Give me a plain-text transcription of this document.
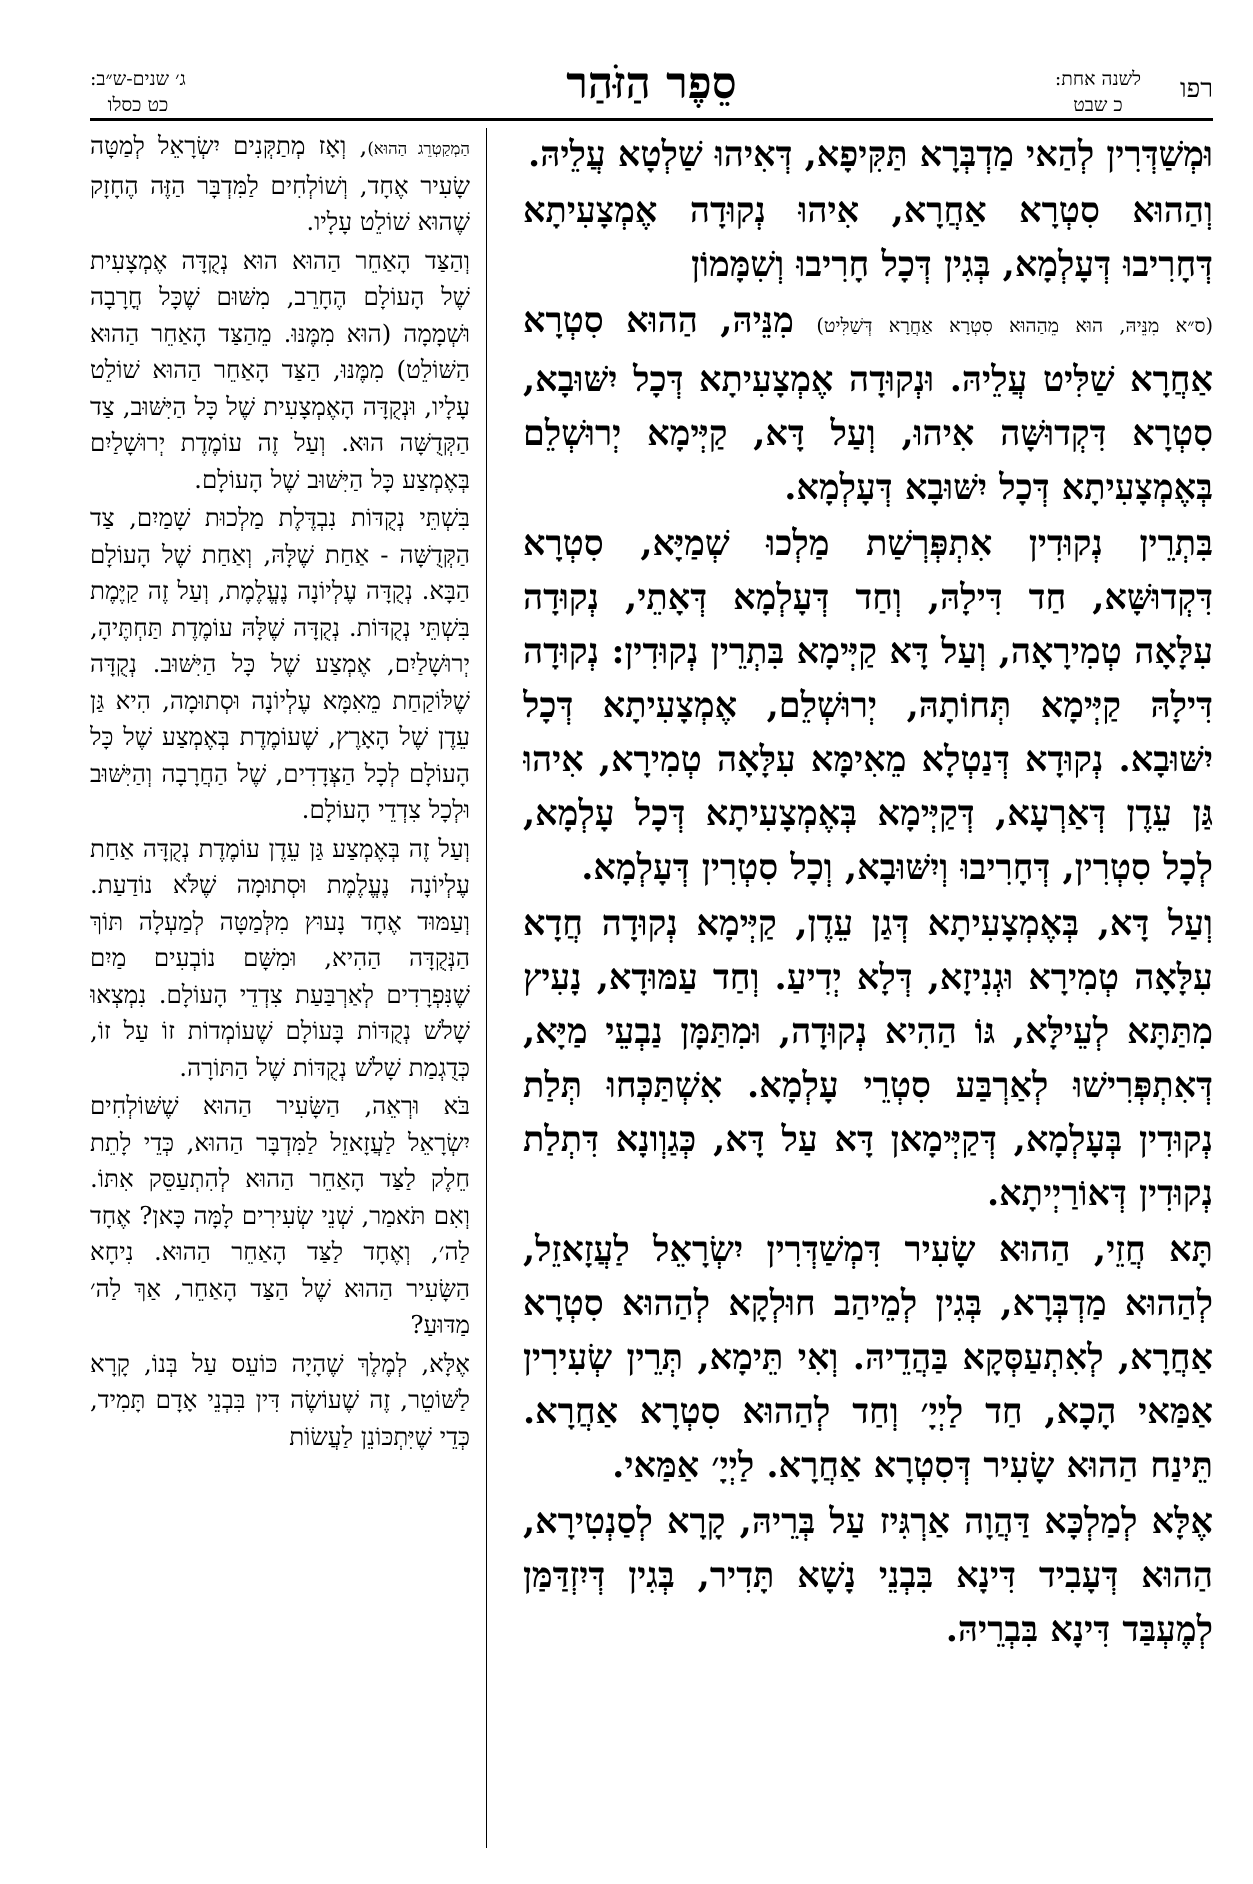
רפו
לשנה אחת:
כ שבט
סֵפֶר הַזֹּהַר
ג׳ שנים-ש״ב:
כט כסלו

וּמְשַׁדְּרִין לְהַאי מַדְבְּרָא תַּקִּיפָא, דְּאִיהוּ שַׁלְטָא עֲלֵיהּ.

וְהַהוּא סִטְרָא אַחֲרָא, אִיהוּ נְקוּדָה אֶמְצָעִיתָא דְּחָרִיבוּ דְּעָלְמָא, בְּגִין דְּכָל חָרִיבוּ וְשִׁמָּמוֹן

(ס״א מִנֵּיהּ, הוּא מֵהַהוּא סִטְרָא אַחֲרָא דְּשַׁלִּיט) מִנֵּיהּ, הַהוּא סִטְרָא אַחֲרָא שַׁלִּיט עֲלֵיהּ. וּנְקוּדָה אֶמְצָעִיתָא דְּכָל יִשּׁוּבָא, סִטְרָא דִּקְדוּשָּׁה אִיהוּ, וְעַל דָּא, קַיְּימָא יְרוּשְׁלֵם בְּאֶמְצָעִיתָא דְּכָל יִשּׁוּבָא דְּעָלְמָא.

בִּתְרֵין נְקוּדִין אִתְפְּרְשַׁת מַלְכוּ שְׁמַיָּא, סִטְרָא דִּקְדוּשָּׁא, חַד דִּילָהּ, וְחַד דְּעָלְמָא דְּאָתֵי, נְקוּדָה עִלָּאָה טְמִירָאָה, וְעַל דָּא קַיְּימָא בִּתְרֵין נְקוּדִין: נְקוּדָה דִּילָהּ קַיְּימָא תְּחוֹתָהּ, יְרוּשְׁלֵם, אֶמְצָעִיתָא דְּכָל יִשּׁוּבָא. נְקוּדָא דְּנַטְלָא מֵאִימָּא עִלָּאָה טְמִירָא, אִיהוּ גַּן עֵדֶן דְּאַרְעָא, דְּקַיְּימָא בְּאֶמְצָעִיתָא דְּכָל עָלְמָא, לְכָל סִטְרִין, דְּחָרִיבוּ וְיִשּׁוּבָא, וְכָל סִטְרִין דְּעָלְמָא.

וְעַל דָּא, בְּאֶמְצָעִיתָא דְּגַן עֵדֶן, קַיְּימָא נְקוּדָה חֲדָא עִלָּאָה טְמִירָא וּגְנִיזָא, דְּלָא יְדִיעַ. וְחַד עַמּוּדָא, נָעִיץ מִתַּתָּא לְעֵילָּא, גּוֹ הַהִיא נְקוּדָה, וּמִתַּמָּן נַבְעֵי מַיָּא, דְּאִתְפְּרִישׁוּ לְאַרְבַּע סִטְרֵי עָלְמָא. אִשְׁתַּכְּחוּ תְּלַת נְקוּדִין בְּעָלְמָא, דְּקַיְּימָאן דָּא עַל דָּא, כְּגַוְונָא דִּתְלַת נְקוּדִין דְּאוֹרַיְיתָא.

תָּא חֲזֵי, הַהוּא שָׂעִיר דִּמְשַׁדְּרִין יִשְׂרָאֵל לַעֲזָאזֵל, לְהַהוּא מַדְבְּרָא, בְּגִין לְמֵיהַב חוּלְקָא לְהַהוּא סִטְרָא אַחֲרָא, לְאִתְעַסְּקָא בַּהֲדֵיהּ. וְאִי תֵּימָא, תְּרֵין שְׂעִירִין אַמַּאי הָכָא, חַד לַיְיָ׳ וְחַד לְהַהוּא סִטְרָא אַחֲרָא. תֵּינַח הַהוּא שָׂעִיר דְּסִטְרָא אַחֲרָא. לַיְיָ׳ אַמַּאי.

אֶלָּא לְמַלְכָּא דַּהֲוָה אַרְגִּיז עַל בְּרֵיהּ, קָרָא לְסַנְטִירָא, הַהוּא דְּעָבִיד דִּינָא בִּבְנֵי נָשָׁא תָּדִיר, בְּגִין דְּיִזְדַּמַּן לְמֶעְבַּד דִּינָא בִּבְרֵיהּ.

הַמְקַטְרֵג הַהוּא), וְאָז מְתַקְּנִים יִשְׂרָאֵל לְמַטָּה שָׂעִיר אֶחָד, וְשׁוֹלְחִים לַמִּדְבָּר הַזֶּה הֶחָזָק שֶׁהוּא שׁוֹלֵט עָלָיו.

וְהַצַּד הָאַחֵר הַהוּא הוּא נְקֻדָּה אֶמְצָעִית שֶׁל הָעוֹלָם הֶחָרֵב, מִשּׁוּם שֶׁכָּל חֳרָבָה וּשְׁמָמָה (הוּא מִמֶּנּוּ. מֵהַצַּד הָאַחֵר הַהוּא הַשּׁוֹלֵט) מִמֶּנּוּ, הַצַּד הָאַחֵר הַהוּא שׁוֹלֵט עָלָיו, וּנְקֻדָּה הָאֶמְצָעִית שֶׁל כָּל הַיִּשּׁוּב, צַד הַקְּדֻשָּׁה הוּא. וְעַל זֶה עוֹמֶדֶת יְרוּשָׁלַיִם בְּאֶמְצַע כָּל הַיִּשּׁוּב שֶׁל הָעוֹלָם.

בִּשְׁתֵּי נְקֻדּוֹת נִבְדֶּלֶת מַלְכוּת שָׁמַיִם, צַד הַקְּדֻשָּׁה - אַחַת שֶׁלָּהּ, וְאַחַת שֶׁל הָעוֹלָם הַבָּא. נְקֻדָּה עֶלְיוֹנָה נֶעֱלֶמֶת, וְעַל זֶה קַיֶּמֶת בִּשְׁתֵּי נְקֻדּוֹת. נְקֻדָּה שֶׁלָּהּ עוֹמֶדֶת תַּחְתֶּיהָ, יְרוּשָׁלַיִם, אֶמְצַע שֶׁל כָּל הַיִּשּׁוּב. נְקֻדָּה שֶׁלּוֹקַחַת מֵאִמָּא עֶלְיוֹנָה וּסְתוּמָה, הִיא גַּן עֵדֶן שֶׁל הָאָרֶץ, שֶׁעוֹמֶדֶת בְּאֶמְצַע שֶׁל כָּל הָעוֹלָם לְכָל הַצְּדָדִים, שֶׁל הַחֲרָבָה וְהַיִּשּׁוּב וּלְכָל צִדְדֵי הָעוֹלָם.

וְעַל זֶה בְּאֶמְצַע גַּן עֵדֶן עוֹמֶדֶת נְקֻדָּה אַחַת עֶלְיוֹנָה נֶעֱלֶמֶת וּסְתוּמָה שֶׁלֹּא נוֹדַעַת. וְעַמּוּד אֶחָד נָעוּץ מִלְּמַטָּה לְמַעְלָה תּוֹךְ הַנְּקֻדָּה הַהִיא, וּמִשָּׁם נוֹבְעִים מַיִם שֶׁנִּפְרָדִים לְאַרְבַּעַת צִדְדֵי הָעוֹלָם. נִמְצְאוּ שָׁלֹשׁ נְקֻדּוֹת בָּעוֹלָם שֶׁעוֹמְדוֹת זוֹ עַל זוֹ, כְּדֻגְמַת שָׁלֹשׁ נְקֻדּוֹת שֶׁל הַתּוֹרָה.

בֹּא וּרְאֵה, הַשָּׂעִיר הַהוּא שֶׁשּׁוֹלְחִים יִשְׂרָאֵל לַעֲזָאזֵל לַמִּדְבָּר הַהוּא, כְּדֵי לָתֵת חֵלֶק לַצַּד הָאַחֵר הַהוּא לְהִתְעַסֵּק אִתּוֹ. וְאִם תֹּאמַר, שְׁנֵי שְׂעִירִים לָמָּה כָּאן? אֶחָד לַה׳, וְאֶחָד לַצַּד הָאַחֵר הַהוּא. נִיחָא הַשָּׂעִיר הַהוּא שֶׁל הַצַּד הָאַחֵר, אַךְ לַה׳ מַדּוּעַ?

אֶלָּא, לְמֶלֶךְ שֶׁהָיָה כּוֹעֵס עַל בְּנוֹ, קָרָא לַשּׁוֹטֵר, זֶה שֶׁעוֹשֶׂה דִּין בִּבְנֵי אָדָם תָּמִיד, כְּדֵי שֶׁיִּתְכּוֹנֵן לַעֲשׂוֹת
